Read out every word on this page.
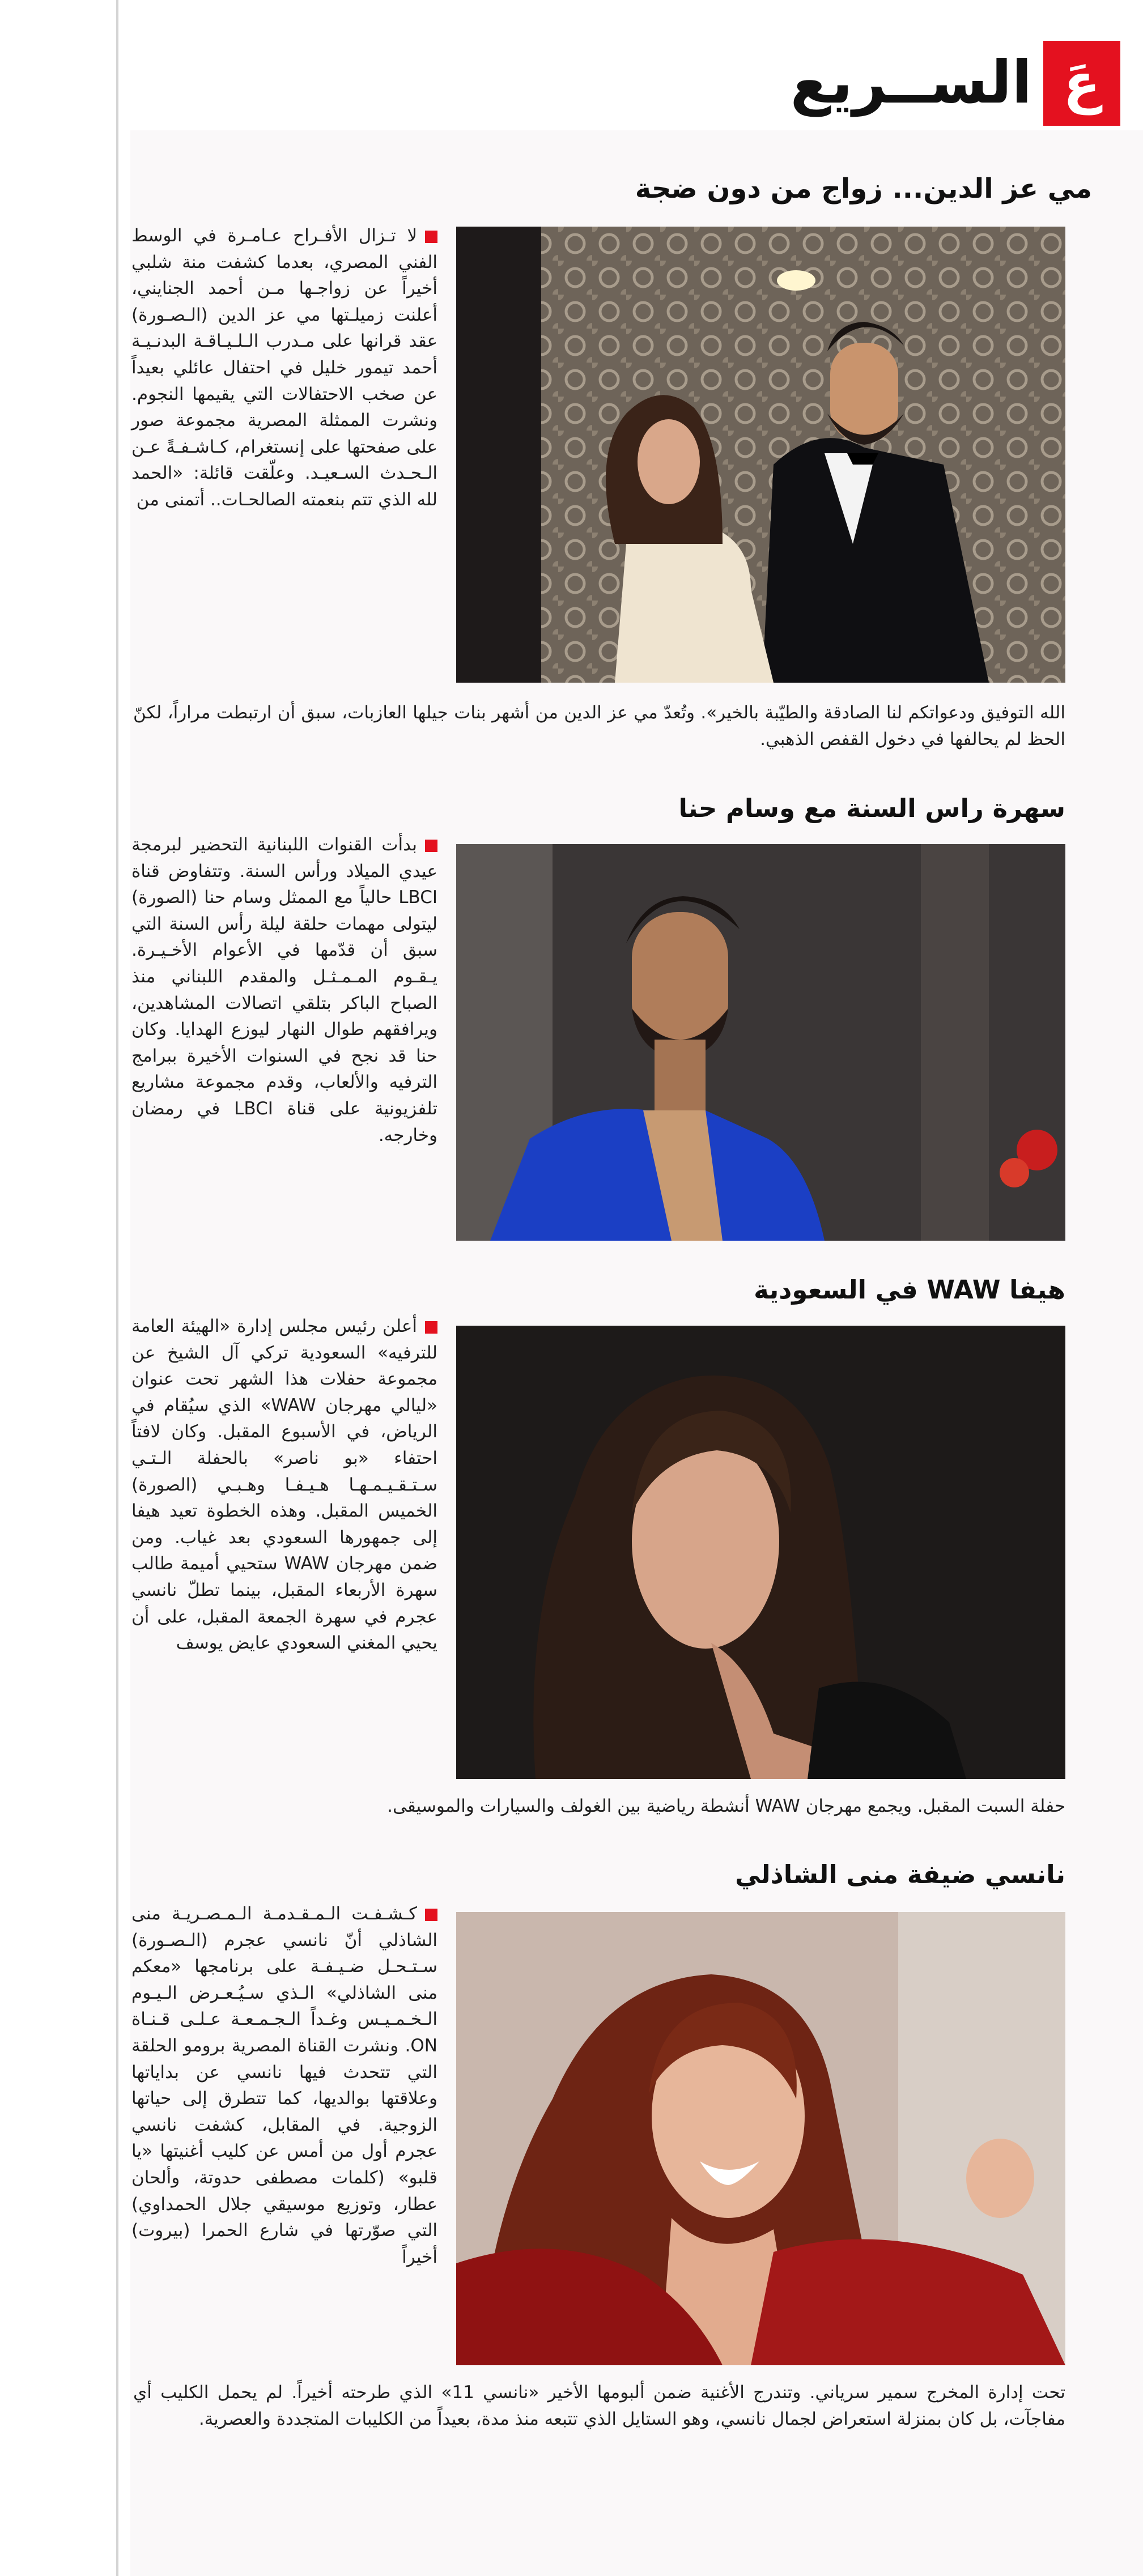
عَ
الســريع
مي عز الدين... زواج من دون ضجة
لا تـزال الأفـراح عـامـرة في الوسط الفني المصري، بعدما كشفت منة شلبي أخيراً عن زواجـها مـن أحمد الجنايني، أعلنت زميلـتها مي عز الدين (الـصـورة) عقد قرانها على مـدرب الـلـيـاقـة البدنـيـة أحمد تيمور خليل في احتفال عائلي بعيداً عن صخب الاحتفالات التي يقيمها النجوم. ونشرت الممثلة المصرية مجموعة صور على صفحتها على إنستغرام، كـاشـفـةً عـن الـحـدث السـعيـد. وعلّقت قائلة: «الحمد لله الذي تتم بنعمته الصالحـات.. أتمنى من
الله التوفيق ودعواتكم لنا الصادقة والطيّبة بالخير». وتُعدّ مي عز الدين من أشهر بنات جيلها العازبات، سبق أن ارتبطت مراراً، لكنّ الحظ لم يحالفها في دخول القفص الذهبي.
سهرة راس السنة مع وسام حنا
بدأت القنوات اللبنانية التحضير لبرمجة عيدي الميلاد ورأس السنة. وتتفاوض قناة LBCI حالياً مع الممثل وسام حنا (الصورة) ليتولى مهمات حلقة ليلة رأس السنة التي سبق أن قدّمها في الأعوام الأخـيـرة. يـقـوم المـمـثـل والمقدم اللبناني منذ الصباح الباكر بتلقي اتصالات المشاهدين، ويرافقهم طوال النهار ليوزع الهدايا. وكان حنا قد نجح في السنوات الأخيرة ببرامج الترفيه والألعاب، وقدم مجموعة مشاريع تلفزيونية على قناة LBCI في رمضان وخارجه.
هيفا WAW في السعودية
أعلن رئيس مجلس إدارة «الهيئة العامة للترفيه» السعودية تركي آل الشيخ عن مجموعة حفلات هذا الشهر تحت عنوان «ليالي مهرجان WAW» الذي سيُقام في الرياض، في الأسبوع المقبل. وكان لافتاً احتفاء «بو ناصر» بالحفلة الـتـي سـتـقـيـمـهـا هـيـفـا وهـبـي (الصورة) الخميس المقبل. وهذه الخطوة تعيد هيفا إلى جمهورها السعودي بعد غياب. ومن ضمن مهرجان WAW ستحيي أميمة طالب سهرة الأربعاء المقبل، بينما تطلّ نانسي عجرم في سهرة الجمعة المقبل، على أن يحيي المغني السعودي عايض يوسف
حفلة السبت المقبل. ويجمع مهرجان WAW أنشطة رياضية بين الغولف والسيارات والموسيقى.
نانسي ضيفة منى الشاذلي
كـشـفـت الـمـقـدمـة الـمـصـريـة منى الشاذلي أنّ نانسي عجرم (الـصـورة) سـتـحـل ضـيـفـة على برنامجها «معكم منى الشاذلي» الـذي سـيُـعـرض الـيـوم الـخـمـيـس وغـداً الـجـمـعـة عـلـى قـنـاة ON. ونشرت القناة المصرية برومو الحلقة التي تتحدث فيها نانسي عن بداياتها وعلاقتها بوالديها، كما تتطرق إلى حياتها الزوجية. في المقابل، كشفت نانسي عجرم أول من أمس عن كليب أغنيتها «يا قلبو» (كلمات مصطفى حدوتة، وألحان عطار، وتوزيع موسيقي جلال الحمداوي) التي صوّرتها في شارع الحمرا (بيروت) أخيراً
تحت إدارة المخرج سمير سرياني. وتندرج الأغنية ضمن ألبومها الأخير «نانسي 11» الذي طرحته أخيراً. لم يحمل الكليب أي مفاجآت، بل كان بمنزلة استعراض لجمال نانسي، وهو الستايل الذي تتبعه منذ مدة، بعيداً من الكليبات المتجددة والعصرية.
